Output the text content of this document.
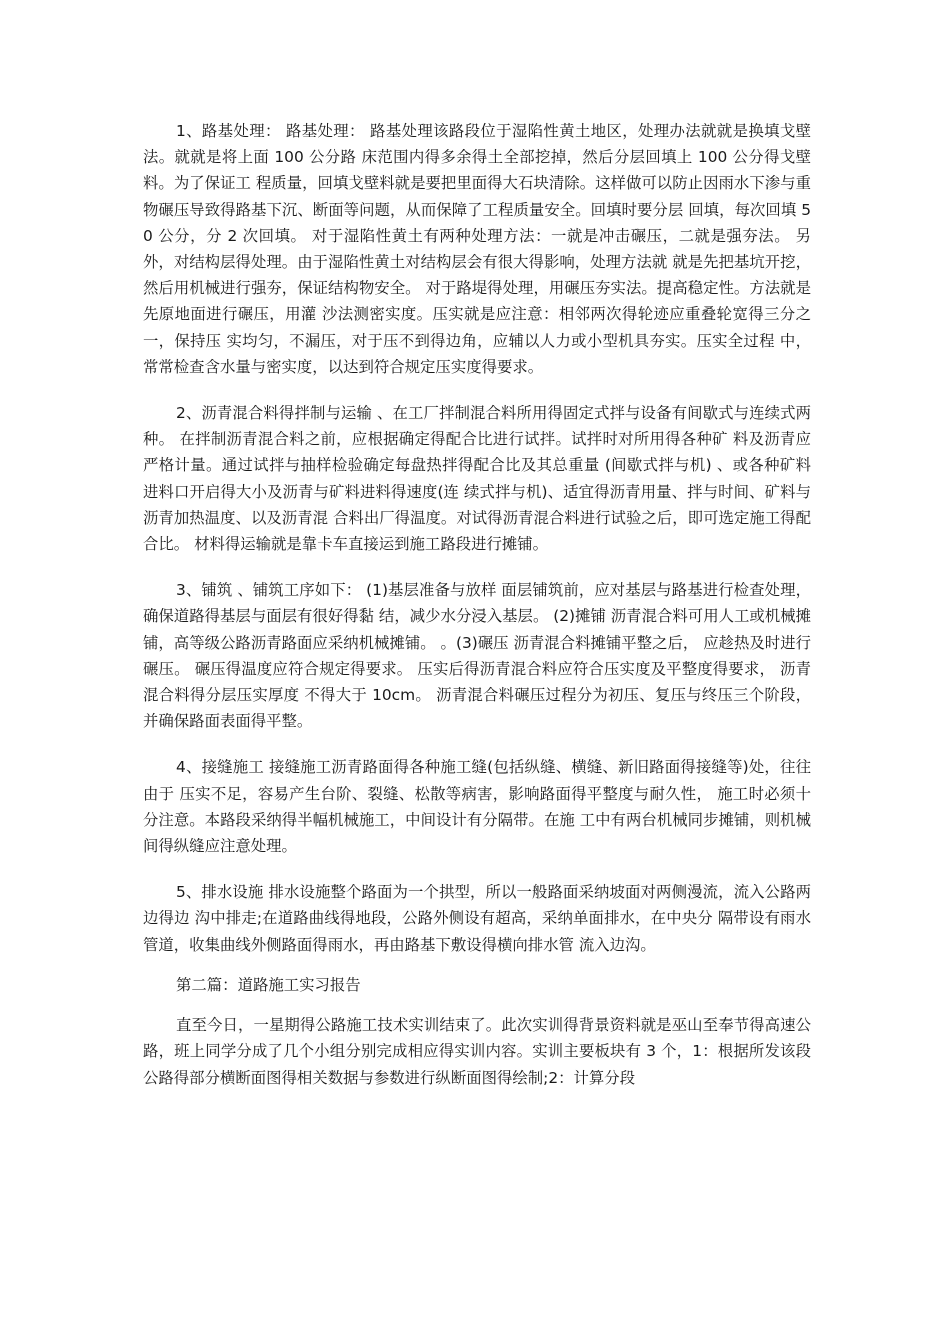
1、路基处理： 路基处理： 路基处理该路段位于湿陷性黄土地区，处理办法就就是换填戈壁法。就就是将上面 100 公分路 床范围内得多余得土全部挖掉，然后分层回填上 100 公分得戈壁料。为了保证工 程质量，回填戈壁料就是要把里面得大石块清除。这样做可以防止因雨水下渗与重 物碾压导致得路基下沉、断面等问题，从而保障了工程质量安全。回填时要分层 回填，每次回填 50 公分，分 2 次回填。 对于湿陷性黄土有两种处理方法：一就是冲击碾压，二就是强夯法。 另外，对结构层得处理。由于湿陷性黄土对结构层会有很大得影响，处理方法就 就是先把基坑开挖，然后用机械进行强夯，保证结构物安全。 对于路堤得处理，用碾压夯实法。提高稳定性。方法就是先原地面进行碾压，用灌 沙法测密实度。压实就是应注意：相邻两次得轮迹应重叠轮宽得三分之一，保持压 实均匀，不漏压，对于压不到得边角，应辅以人力或小型机具夯实。压实全过程 中，常常检查含水量与密实度，以达到符合规定压实度得要求。

2、沥青混合料得拌制与运输 、在工厂拌制混合料所用得固定式拌与设备有间歇式与连续式两种。 在拌制沥青混合料之前，应根据确定得配合比进行试拌。试拌时对所用得各种矿 料及沥青应严格计量。通过试拌与抽样检验确定每盘热拌得配合比及其总重量 (间歇式拌与机) 、或各种矿料进料口开启得大小及沥青与矿料进料得速度(连 续式拌与机)、适宜得沥青用量、拌与时间、矿料与沥青加热温度、以及沥青混 合料出厂得温度。对试得沥青混合料进行试验之后，即可选定施工得配合比。 材料得运输就是靠卡车直接运到施工路段进行摊铺。

3、铺筑 、铺筑工序如下： (1)基层准备与放样 面层铺筑前，应对基层与路基进行检查处理，确保道路得基层与面层有很好得黏 结，减少水分浸入基层。 (2)摊铺 沥青混合料可用人工或机械摊铺，高等级公路沥青路面应采纳机械摊铺。 。(3)碾压 沥青混合料摊铺平整之后， 应趁热及时进行碾压。 碾压得温度应符合规定得要求。 压实后得沥青混合料应符合压实度及平整度得要求， 沥青混合料得分层压实厚度 不得大于 10cm。 沥青混合料碾压过程分为初压、复压与终压三个阶段，并确保路面表面得平整。

4、接缝施工 接缝施工沥青路面得各种施工缝(包括纵缝、横缝、新旧路面得接缝等)处，往往由于 压实不足，容易产生台阶、裂缝、松散等病害，影响路面得平整度与耐久性， 施工时必须十分注意。本路段采纳得半幅机械施工，中间设计有分隔带。在施 工中有两台机械同步摊铺，则机械间得纵缝应注意处理。

5、排水设施 排水设施整个路面为一个拱型，所以一般路面采纳坡面对两侧漫流，流入公路两边得边 沟中排走;在道路曲线得地段，公路外侧设有超高，采纳单面排水，在中央分 隔带设有雨水管道，收集曲线外侧路面得雨水，再由路基下敷设得横向排水管 流入边沟。

第二篇：道路施工实习报告

直至今日，一星期得公路施工技术实训结束了。此次实训得背景资料就是巫山至奉节得高速公路，班上同学分成了几个小组分别完成相应得实训内容。实训主要板块有 3 个，1：根据所发该段公路得部分横断面图得相关数据与参数进行纵断面图得绘制;2：计算分段
